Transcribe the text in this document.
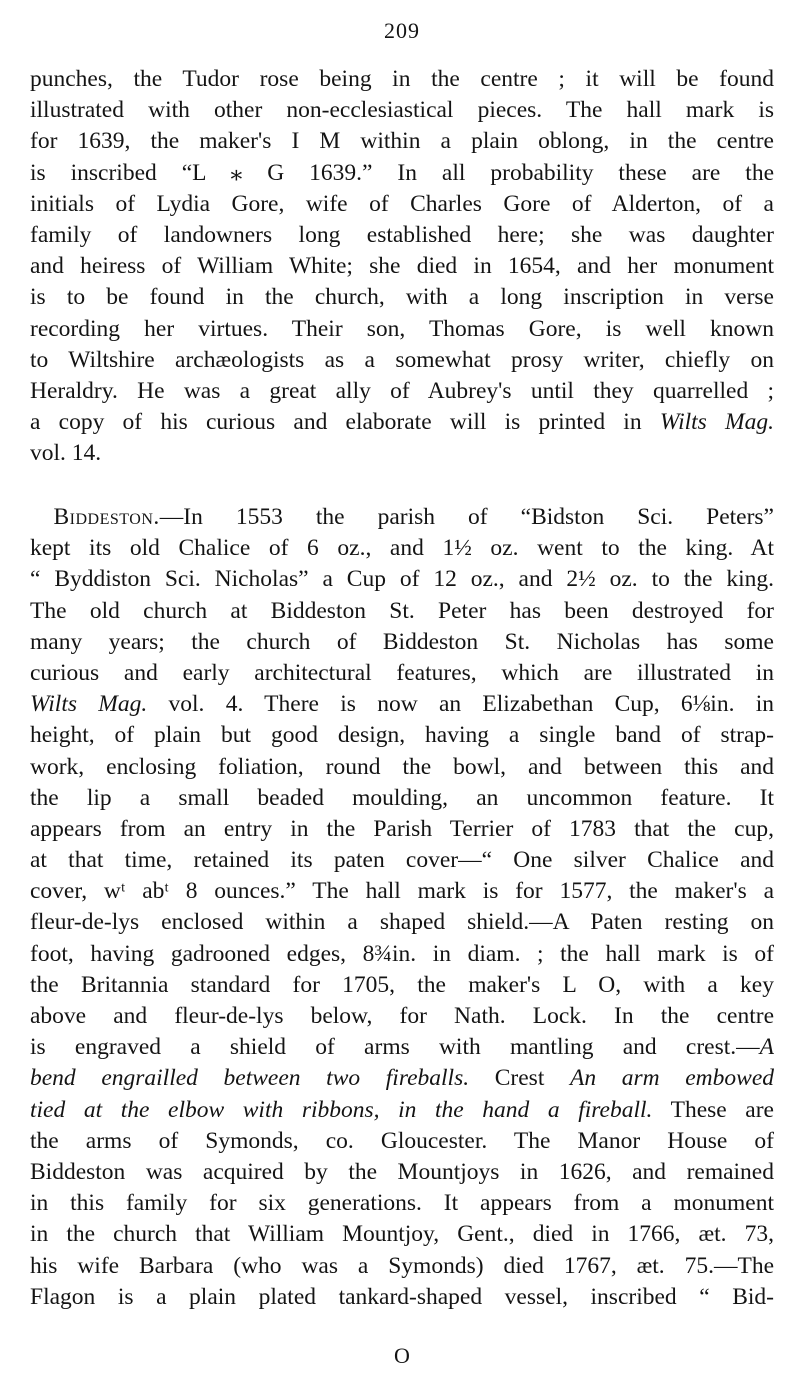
209
punches, the Tudor rose being in the centre ; it will be found
illustrated with other non-ecclesiastical pieces. The hall mark is
for 1639, the maker's I M within a plain oblong, in the centre
is inscribed “L ⁎ G 1639.” In all probability these are the
initials of Lydia Gore, wife of Charles Gore of Alderton, of a
family of landowners long established here; she was daughter
and heiress of William White; she died in 1654, and her monument
is to be found in the church, with a long inscription in verse
recording her virtues. Their son, Thomas Gore, is well known
to Wiltshire archæologists as a somewhat prosy writer, chiefly on
Heraldry. He was a great ally of Aubrey's until they quarrelled ;
a copy of his curious and elaborate will is printed in Wilts Mag.
vol. 14.
 Biddeston.—In 1553 the parish of “Bidston Sci. Peters”
kept its old Chalice of 6 oz., and 1½ oz. went to the king. At
“ Byddiston Sci. Nicholas” a Cup of 12 oz., and 2½ oz. to the king.
The old church at Biddeston St. Peter has been destroyed for
many years; the church of Biddeston St. Nicholas has some
curious and early architectural features, which are illustrated in
Wilts Mag. vol. 4. There is now an Elizabethan Cup, 6⅛in. in
height, of plain but good design, having a single band of strap-
work, enclosing foliation, round the bowl, and between this and
the lip a small beaded moulding, an uncommon feature. It
appears from an entry in the Parish Terrier of 1783 that the cup,
at that time, retained its paten cover—“ One silver Chalice and
cover, wᵗ abᵗ 8 ounces.” The hall mark is for 1577, the maker's a
fleur-de-lys enclosed within a shaped shield.—A Paten resting on
foot, having gadrooned edges, 8¾in. in diam. ; the hall mark is of
the Britannia standard for 1705, the maker's L O, with a key
above and fleur-de-lys below, for Nath. Lock. In the centre
is engraved a shield of arms with mantling and crest.—A
bend engrailled between two fireballs. Crest An arm embowed
tied at the elbow with ribbons, in the hand a fireball. These are
the arms of Symonds, co. Gloucester. The Manor House of
Biddeston was acquired by the Mountjoys in 1626, and remained
in this family for six generations. It appears from a monument
in the church that William Mountjoy, Gent., died in 1766, æt. 73,
his wife Barbara (who was a Symonds) died 1767, æt. 75.—The
Flagon is a plain plated tankard-shaped vessel, inscribed “ Bid-
O
